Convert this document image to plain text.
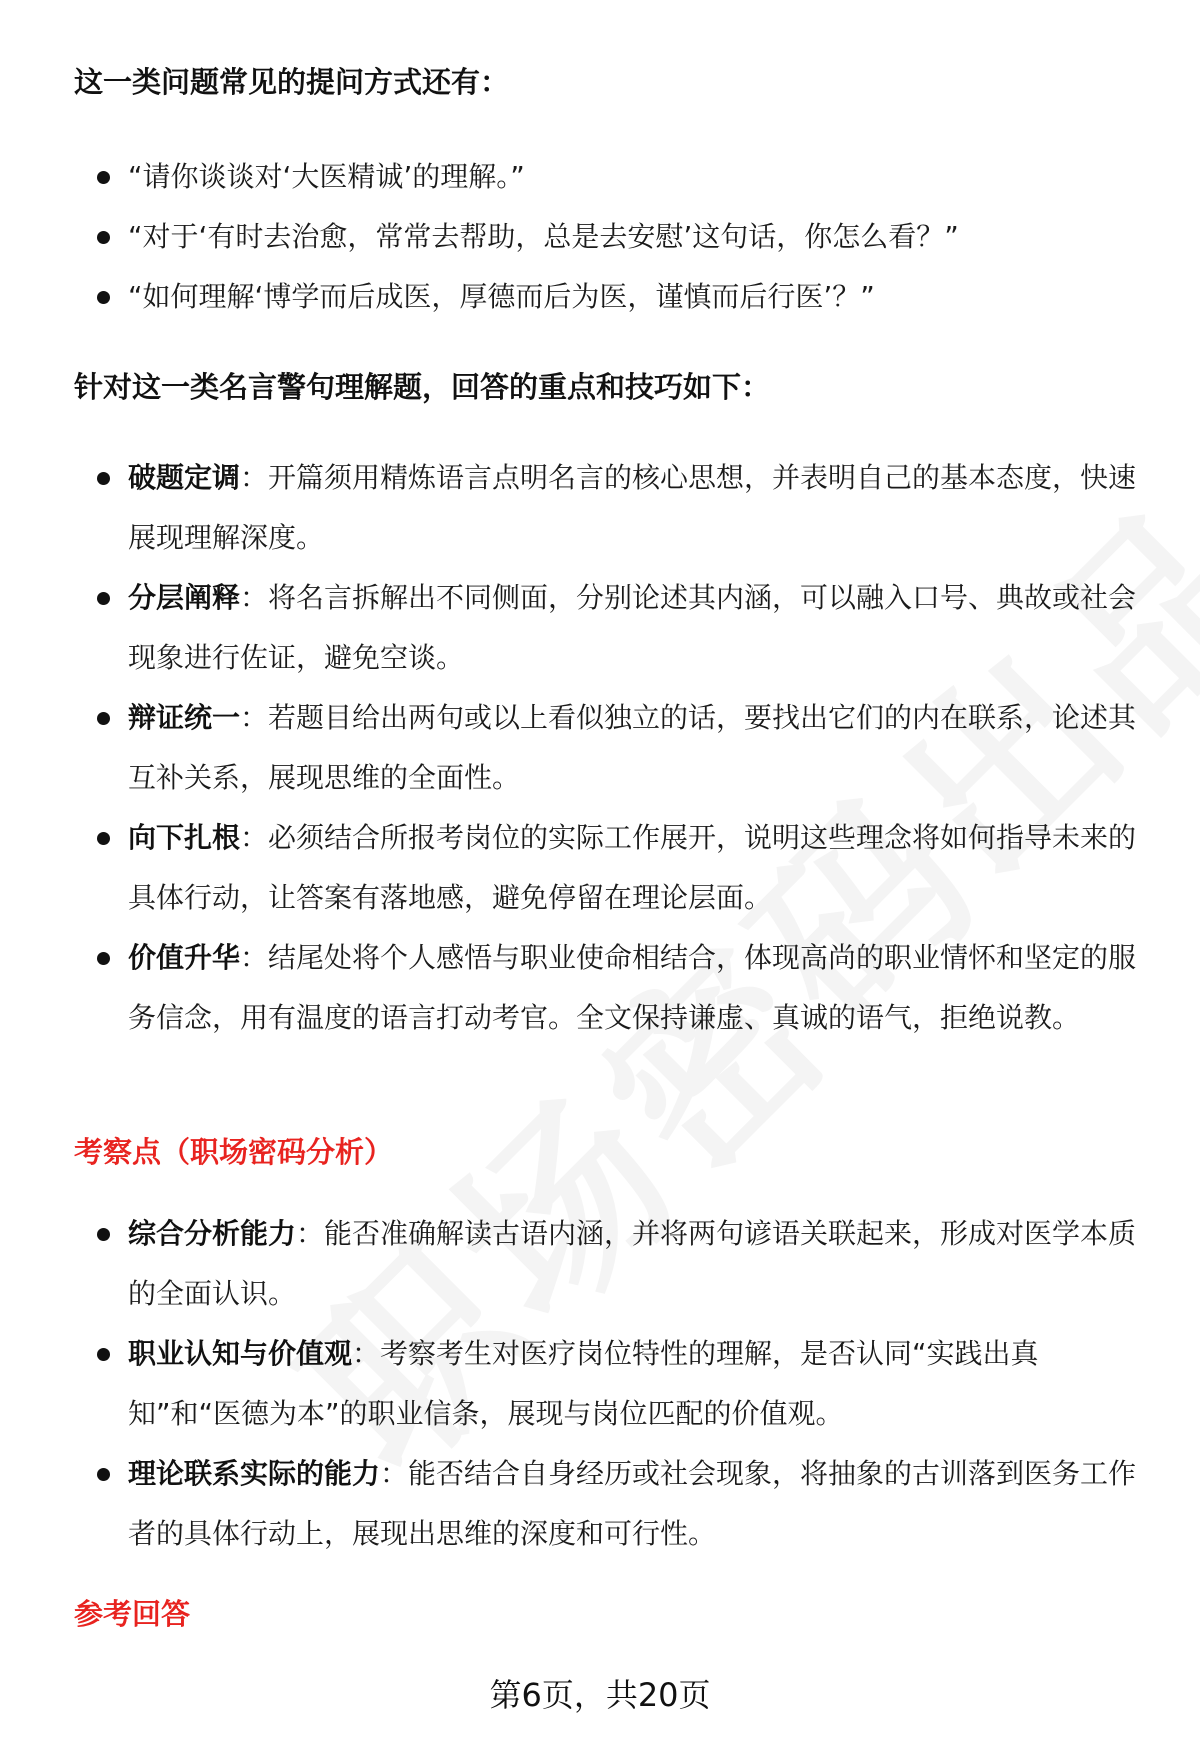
这一类问题常见的提问方式还有：
“请你谈谈对‘大医精诚’的理解。”
“对于‘有时去治愈，常常去帮助，总是去安慰’这句话，你怎么看？”
“如何理解‘博学而后成医，厚德而后为医，谨慎而后行医’？”
针对这一类名言警句理解题，回答的重点和技巧如下：
破题定调：开篇须用精炼语言点明名言的核心思想，并表明自己的基本态度，快速展现理解深度。
分层阐释：将名言拆解出不同侧面，分别论述其内涵，可以融入口号、典故或社会现象进行佐证，避免空谈。
辩证统一：若题目给出两句或以上看似独立的话，要找出它们的内在联系，论述其互补关系，展现思维的全面性。
向下扎根：必须结合所报考岗位的实际工作展开，说明这些理念将如何指导未来的具体行动，让答案有落地感，避免停留在理论层面。
价值升华：结尾处将个人感悟与职业使命相结合，体现高尚的职业情怀和坚定的服务信念，用有温度的语言打动考官。全文保持谦虚、真诚的语气，拒绝说教。
考察点（职场密码分析）
综合分析能力：能否准确解读古语内涵，并将两句谚语关联起来，形成对医学本质的全面认识。
职业认知与价值观：考察考生对医疗岗位特性的理解，是否认同“实践出真知”和“医德为本”的职业信条，展现与岗位匹配的价值观。
理论联系实际的能力：能否结合自身经历或社会现象，将抽象的古训落到医务工作者的具体行动上，展现出思维的深度和可行性。
参考回答
第6页，共20页
